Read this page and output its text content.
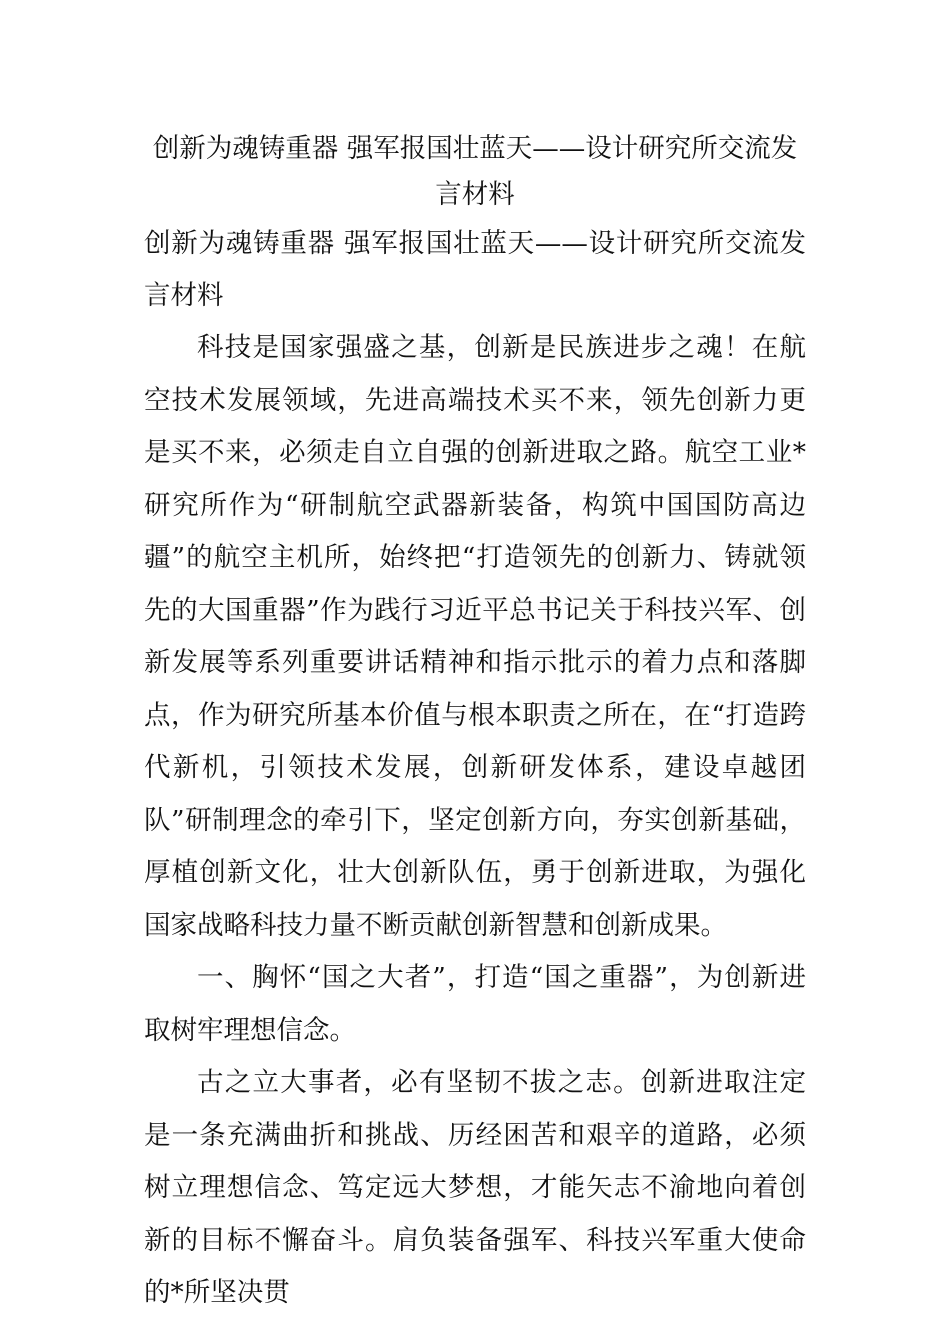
创新为魂铸重器 强军报国壮蓝天——设计研究所交流发言材料

创新为魂铸重器 强军报国壮蓝天——设计研究所交流发言材料

科技是国家强盛之基，创新是民族进步之魂！在航空技术发展领域，先进高端技术买不来，领先创新力更是买不来，必须走自立自强的创新进取之路。航空工业*研究所作为“研制航空武器新装备，构筑中国国防高边疆”的航空主机所，始终把“打造领先的创新力、铸就领先的大国重器”作为践行习近平总书记关于科技兴军、创新发展等系列重要讲话精神和指示批示的着力点和落脚点，作为研究所基本价值与根本职责之所在，在“打造跨代新机，引领技术发展，创新研发体系，建设卓越团队”研制理念的牵引下，坚定创新方向，夯实创新基础，厚植创新文化，壮大创新队伍，勇于创新进取，为强化国家战略科技力量不断贡献创新智慧和创新成果。

一、胸怀“国之大者”，打造“国之重器”，为创新进取树牢理想信念。

古之立大事者，必有坚韧不拔之志。创新进取注定是一条充满曲折和挑战、历经困苦和艰辛的道路，必须树立理想信念、笃定远大梦想，才能矢志不渝地向着创新的目标不懈奋斗。肩负装备强军、科技兴军重大使命的*所坚决贯
